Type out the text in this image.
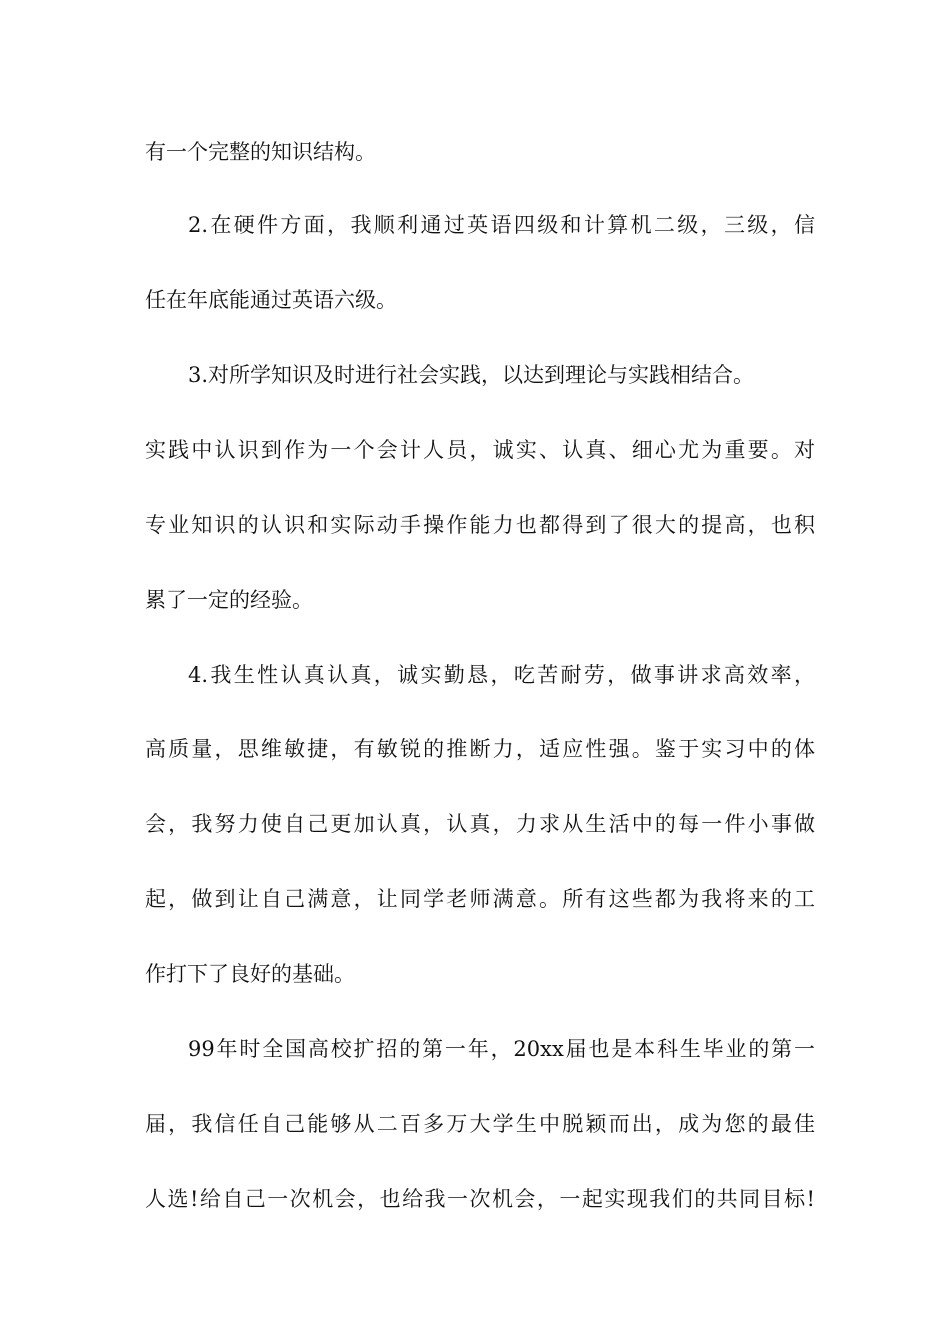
有一个完整的知识结构。
2.在硬件方面，我顺利通过英语四级和计算机二级，三级，信
任在年底能通过英语六级。
3.对所学知识及时进行社会实践，以达到理论与实践相结合。
实践中认识到作为一个会计人员，诚实、认真、细心尤为重要。对
专业知识的认识和实际动手操作能力也都得到了很大的提高，也积
累了一定的经验。
4.我生性认真认真，诚实勤恳，吃苦耐劳，做事讲求高效率，
高质量，思维敏捷，有敏锐的推断力，适应性强。鉴于实习中的体
会，我努力使自己更加认真，认真，力求从生活中的每一件小事做
起，做到让自己满意，让同学老师满意。所有这些都为我将来的工
作打下了良好的基础。
99年时全国高校扩招的第一年，20xx届也是本科生毕业的第一
届，我信任自己能够从二百多万大学生中脱颖而出，成为您的最佳
人选!给自己一次机会，也给我一次机会，一起实现我们的共同目标!
